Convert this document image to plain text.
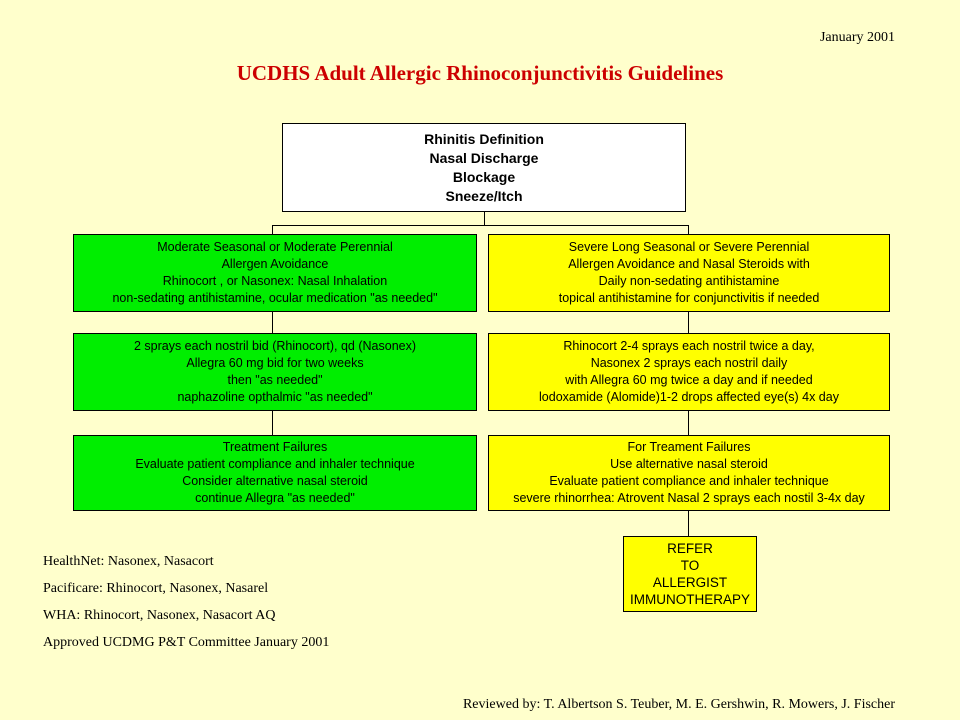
January 2001
UCDHS Adult Allergic Rhinoconjunctivitis Guidelines
Rhinitis Definition
Nasal Discharge
Blockage
Sneeze/Itch
Moderate Seasonal or Moderate Perennial
Allergen Avoidance
Rhinocort , or Nasonex: Nasal Inhalation
non-sedating antihistamine, ocular medication "as needed"
2 sprays each nostril bid (Rhinocort), qd (Nasonex)
Allegra 60 mg bid for two weeks
then "as needed"
naphazoline opthalmic "as needed"
Treatment Failures
Evaluate patient compliance and inhaler technique
Consider alternative nasal steroid
continue Allegra "as needed"
Severe Long Seasonal or Severe Perennial
Allergen Avoidance and Nasal Steroids with
Daily non-sedating antihistamine
topical antihistamine for conjunctivitis if needed
Rhinocort 2-4 sprays each nostril twice a day,
Nasonex 2 sprays each nostril daily
with Allegra 60 mg twice a day and if needed
lodoxamide (Alomide)1-2 drops affected eye(s) 4x day
For Treament Failures
Use alternative nasal steroid
Evaluate patient compliance and inhaler technique
severe rhinorrhea: Atrovent Nasal 2 sprays each nostil 3-4x day
REFER
TO
ALLERGIST
IMMUNOTHERAPY
HealthNet: Nasonex, Nasacort
Pacificare: Rhinocort, Nasonex, Nasarel
WHA: Rhinocort, Nasonex, Nasacort AQ
Approved UCDMG P&T Committee January 2001
Reviewed by: T. Albertson S. Teuber, M. E. Gershwin, R. Mowers, J. Fischer
